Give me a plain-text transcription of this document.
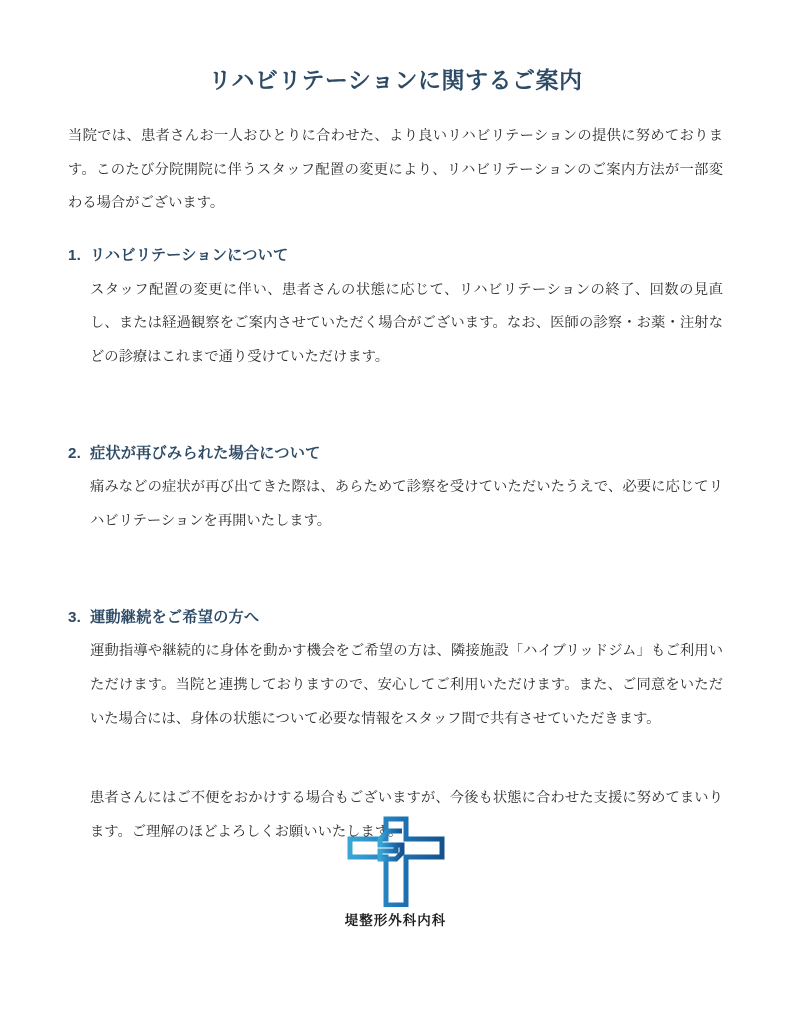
リハビリテーションに関するご案内

当院では、患者さんお一人おひとりに合わせた、より良いリハビリテーションの提供に努めております。このたび分院開院に伴うスタッフ配置の変更により、リハビリテーションのご案内方法が一部変わる場合がございます。

1. リハビリテーションについて

スタッフ配置の変更に伴い、患者さんの状態に応じて、リハビリテーションの終了、回数の見直し、または経過観察をご案内させていただく場合がございます。なお、医師の診察・お薬・注射などの診療はこれまで通り受けていただけます。

2. 症状が再びみられた場合について

痛みなどの症状が再び出てきた際は、あらためて診察を受けていただいたうえで、必要に応じてリハビリテーションを再開いたします。

3. 運動継続をご希望の方へ

運動指導や継続的に身体を動かす機会をご希望の方は、隣接施設「ハイブリッドジム」もご利用いただけます。当院と連携しておりますので、安心してご利用いただけます。また、ご同意をいただいた場合には、身体の状態について必要な情報をスタッフ間で共有させていただきます。

患者さんにはご不便をおかけする場合もございますが、今後も状態に合わせた支援に努めてまいります。ご理解のほどよろしくお願いいたします。

堤整形外科内科
